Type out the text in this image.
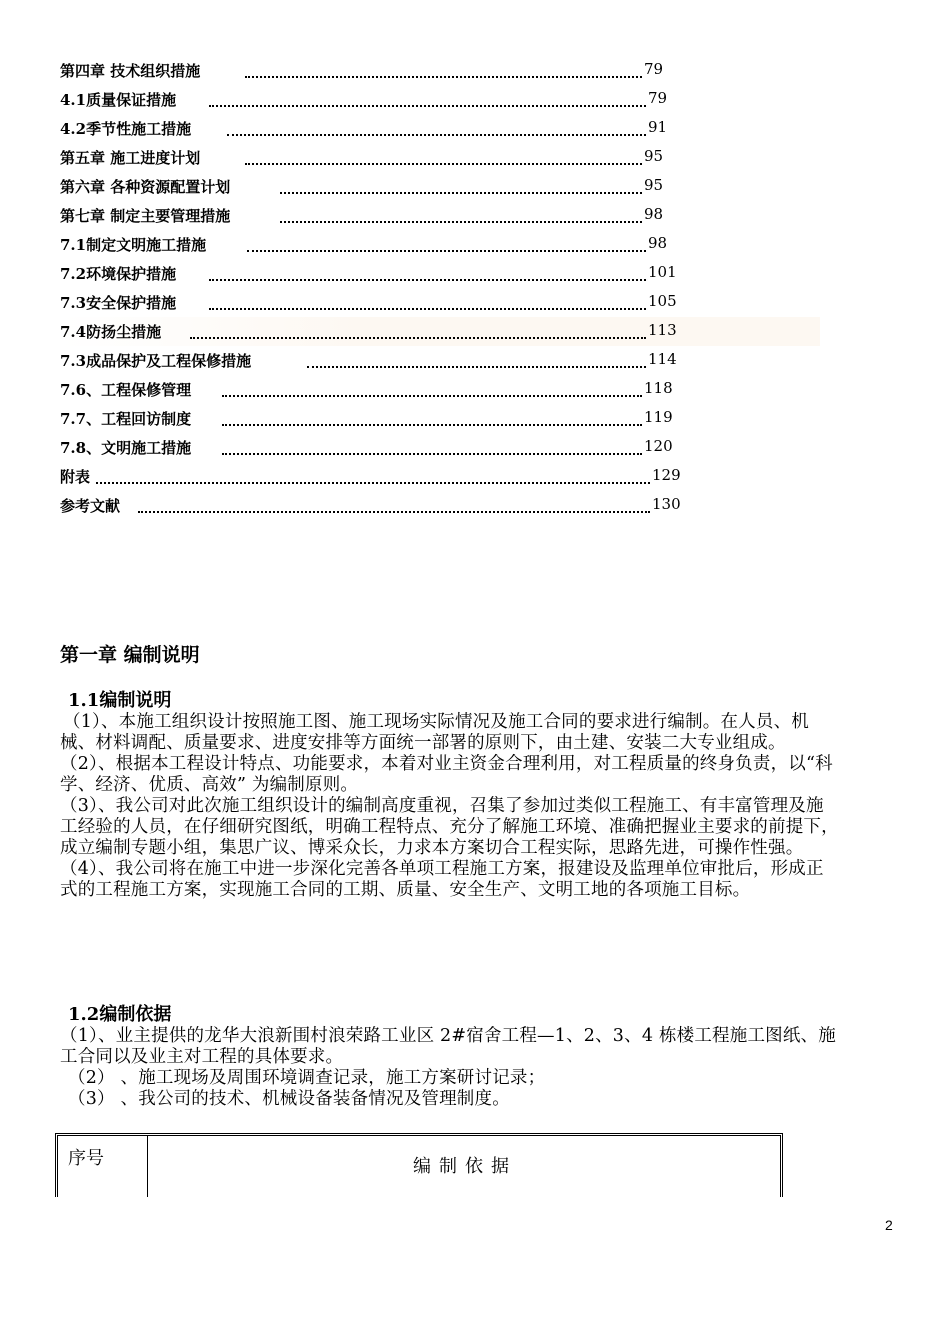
第四章 技术组织措施	79
4.1质量保证措施	79
4.2季节性施工措施	91
第五章 施工进度计划	95
第六章 各种资源配置计划	95
第七章 制定主要管理措施	98
7.1制定文明施工措施	98
7.2环境保护措施	101
7.3安全保护措施	105
7.4防扬尘措施	113
7.3成品保护及工程保修措施	114
7.6、工程保修管理	118
7.7、工程回访制度	119
7.8、文明施工措施	120
附表	129
参考文献	130
第一章 编制说明
1.1编制说明
（1）、本施工组织设计按照施工图、施工现场实际情况及施工合同的要求进行编制。在人员、机械、材料调配、质量要求、进度安排等方面统一部署的原则下，由土建、安装二大专业组成。
（2）、根据本工程设计特点、功能要求，本着对业主资金合理利用，对工程质量的终身负责，以“科学、经济、优质、高效” 为编制原则。
（3）、我公司对此次施工组织设计的编制高度重视，召集了参加过类似工程施工、有丰富管理及施工经验的人员，在仔细研究图纸，明确工程特点、充分了解施工环境、准确把握业主要求的前提下，成立编制专题小组，集思广议、博采众长，力求本方案切合工程实际，思路先进，可操作性强。
（4）、我公司将在施工中进一步深化完善各单项工程施工方案，报建设及监理单位审批后，形成正式的工程施工方案，实现施工合同的工期、质量、安全生产、文明工地的各项施工目标。
1.2编制依据
（1）、业主提供的龙华大浪新围村浪荣路工业区 2#宿舍工程—1、2、3、4 栋楼工程施工图纸、施工合同以及业主对工程的具体要求。
（2） 、施工现场及周围环境调查记录，施工方案研讨记录；
（3） 、我公司的技术、机械设备装备情况及管理制度。
序号	编制依据
2
